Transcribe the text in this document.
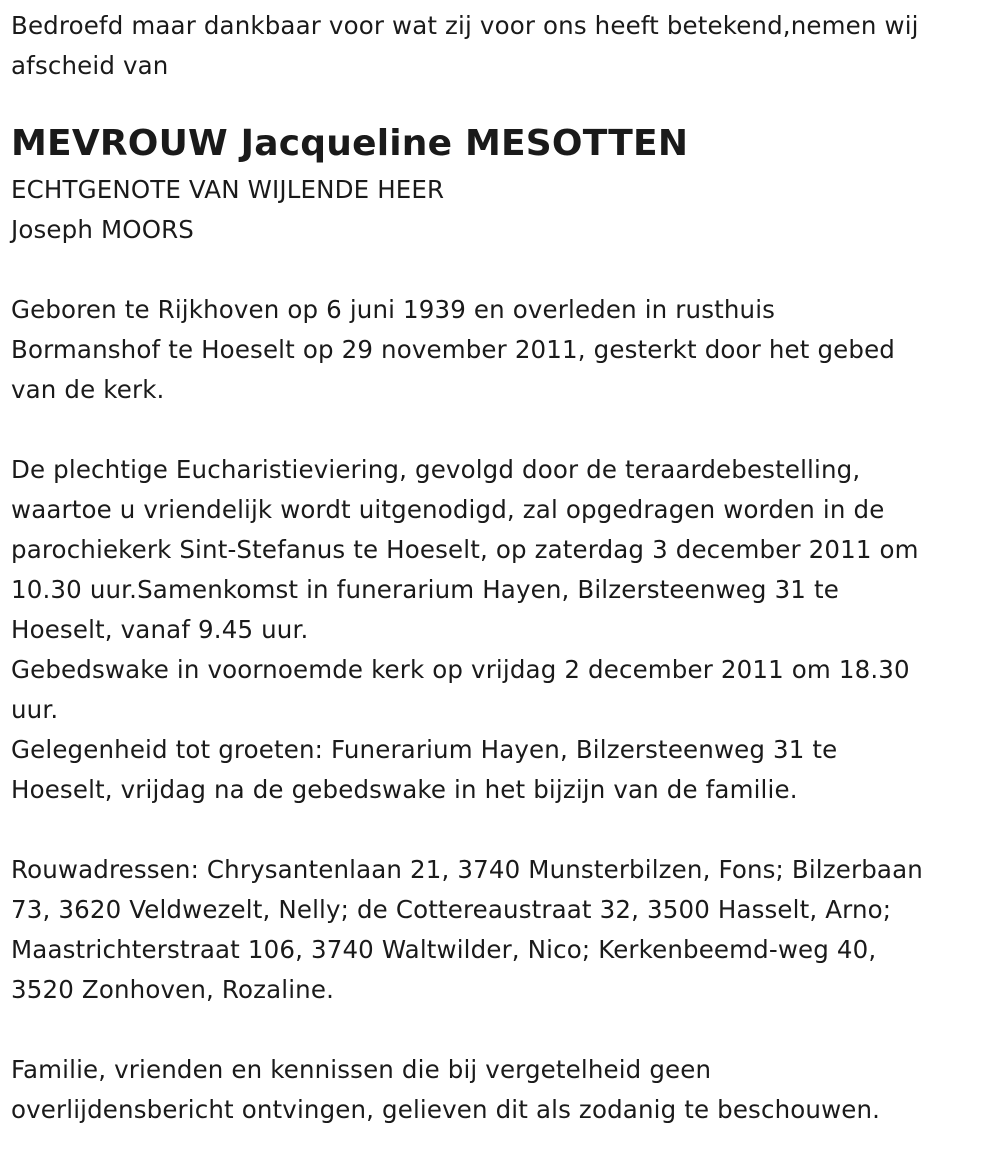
Bedroefd maar dankbaar voor wat zij voor ons heeft betekend,nemen wij
afscheid van
MEVROUW Jacqueline MESOTTEN
ECHTGENOTE VAN WIJLENDE HEER
Joseph MOORS
Geboren te Rijkhoven op 6 juni 1939 en overleden in rusthuis
Bormanshof te Hoeselt op 29 november 2011, gesterkt door het gebed
van de kerk.
De plechtige Eucharistieviering, gevolgd door de teraardebestelling,
waartoe u vriendelijk wordt uitgenodigd, zal opgedragen worden in de
parochiekerk Sint-Stefanus te Hoeselt, op zaterdag 3 december 2011 om
10.30 uur.Samenkomst in funerarium Hayen, Bilzersteenweg 31 te
Hoeselt, vanaf 9.45 uur.
Gebedswake in voornoemde kerk op vrijdag 2 december 2011 om 18.30
uur.
Gelegenheid tot groeten: Funerarium Hayen, Bilzersteenweg 31 te
Hoeselt, vrijdag na de gebedswake in het bijzijn van de familie.
Rouwadressen: Chrysantenlaan 21, 3740 Munsterbilzen, Fons; Bilzerbaan
73, 3620 Veldwezelt, Nelly; de Cottereaustraat 32, 3500 Hasselt, Arno;
Maastrichterstraat 106, 3740 Waltwilder, Nico; Kerkenbeemd-weg 40,
3520 Zonhoven, Rozaline.
Familie, vrienden en kennissen die bij vergetelheid geen
overlijdensbericht ontvingen, gelieven dit als zodanig te beschouwen.
